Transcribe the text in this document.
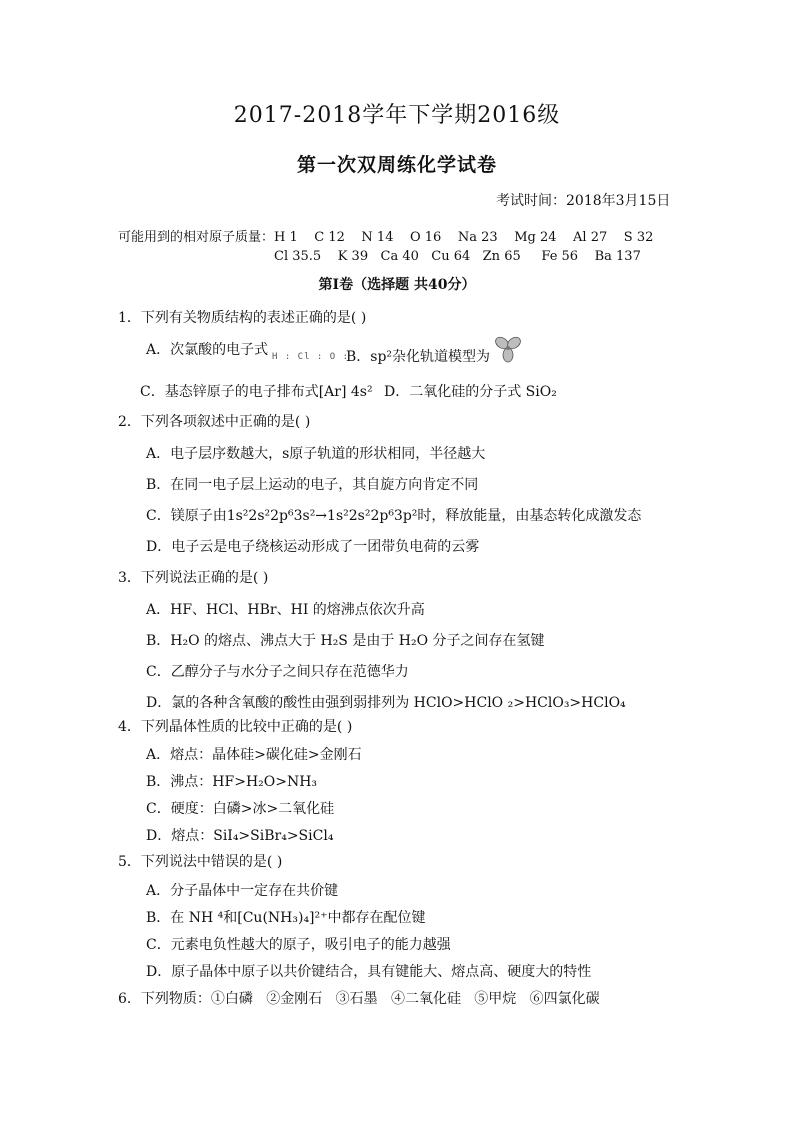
2017-2018学年下学期2016级
第一次双周练化学试卷
考试时间：2018年3月15日
可能用到的相对原子质量：H 1    C 12    N 14    O 16    Na 23    Mg 24    Al 27    S 32
Cl 35.5    K 39   Ca 40   Cu 64   Zn 65     Fe 56    Ba 137
第Ⅰ卷（选择题 共40分）
1．下列有关物质结构的表述正确的是( )
A．次氯酸的电子式 H : Cl : O :
B．sp²杂化轨道模型为
C．基态锌原子的电子排布式[Ar] 4s² D．二氧化硅的分子式 SiO₂
2．下列各项叙述中正确的是( )
A．电子层序数越大，s原子轨道的形状相同，半径越大
B．在同一电子层上运动的电子，其自旋方向肯定不同
C．镁原子由1s²2s²2p⁶3s²→1s²2s²2p⁶3p²时，释放能量，由基态转化成激发态
D．电子云是电子绕核运动形成了一团带负电荷的云雾
3．下列说法正确的是( )
A．HF、HCl、HBr、HI 的熔沸点依次升高
B．H₂O 的熔点、沸点大于 H₂S 是由于 H₂O 分子之间存在氢键
C．乙醇分子与水分子之间只存在范德华力
D．氯的各种含氧酸的酸性由强到弱排列为 HClO>HClO ₂>HClO₃>HClO₄
4．下列晶体性质的比较中正确的是( )
A．熔点：晶体硅>碳化硅>金刚石
B．沸点：HF>H₂O>NH₃
C．硬度：白磷>冰>二氧化硅
D．熔点：SiI₄>SiBr₄>SiCl₄
5．下列说法中错误的是( )
A．分子晶体中一定存在共价键
B．在 NH ⁴和[Cu(NH₃)₄]²⁺中都存在配位键
C．元素电负性越大的原子，吸引电子的能力越强
D．原子晶体中原子以共价键结合，具有键能大、熔点高、硬度大的特性
6．下列物质：①白磷   ②金刚石   ③石墨   ④二氧化硅   ⑤甲烷   ⑥四氯化碳
